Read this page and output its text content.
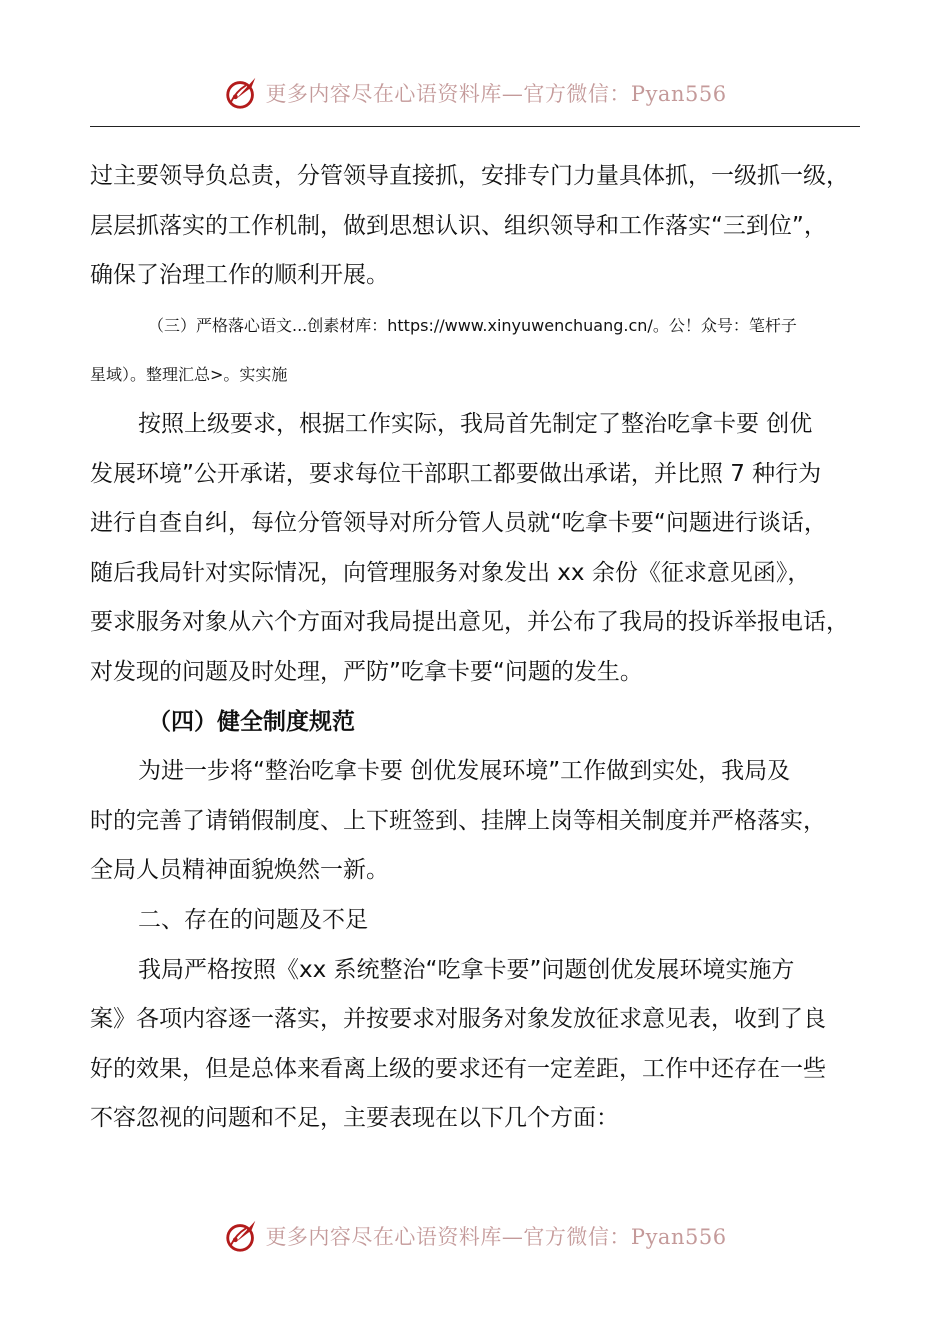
更多内容尽在心语资料库—官方微信：Pyan556

过主要领导负总责，分管领导直接抓，安排专门力量具体抓，一级抓一级，

层层抓落实的工作机制，做到思想认识、组织领导和工作落实“三到位”，

确保了治理工作的顺利开展。

（三）严格落心语文...创素材库：https://www.xinyuwenchuang.cn/。公！众号：笔杆子

星域）。整理汇总>。实实施

按照上级要求，根据工作实际，我局首先制定了整治吃拿卡要 创优

发展环境”公开承诺，要求每位干部职工都要做出承诺，并比照 7 种行为

进行自查自纠，每位分管领导对所分管人员就“吃拿卡要“问题进行谈话，

随后我局针对实际情况，向管理服务对象发出 xx 余份《征求意见函》，

要求服务对象从六个方面对我局提出意见，并公布了我局的投诉举报电话，

对发现的问题及时处理，严防”吃拿卡要“问题的发生。

（四）健全制度规范

为进一步将“整治吃拿卡要 创优发展环境”工作做到实处，我局及

时的完善了请销假制度、上下班签到、挂牌上岗等相关制度并严格落实，

全局人员精神面貌焕然一新。

二、存在的问题及不足

我局严格按照《xx 系统整治“吃拿卡要”问题创优发展环境实施方

案》各项内容逐一落实，并按要求对服务对象发放征求意见表，收到了良

好的效果，但是总体来看离上级的要求还有一定差距，工作中还存在一些

不容忽视的问题和不足，主要表现在以下几个方面：

更多内容尽在心语资料库—官方微信：Pyan556
